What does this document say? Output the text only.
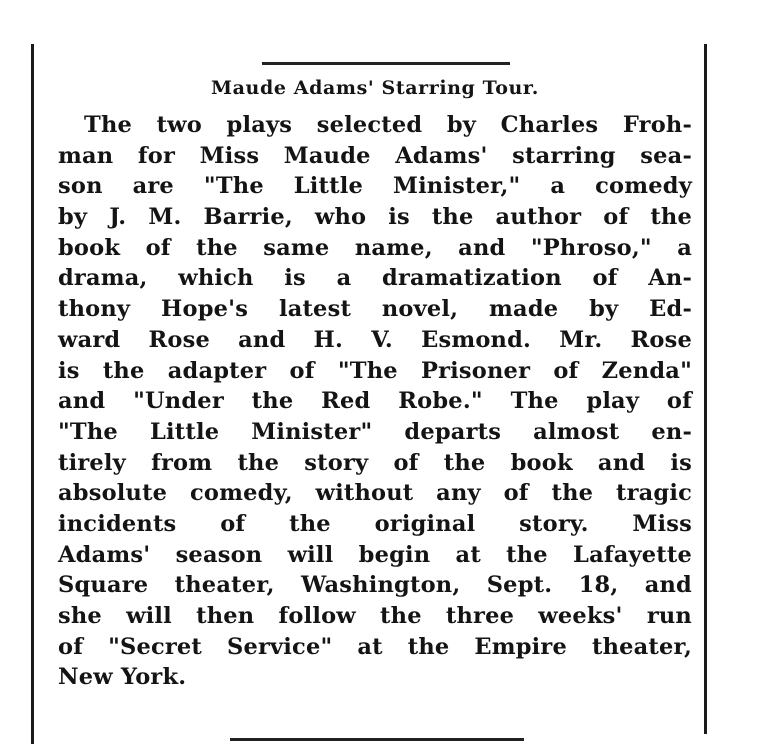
Maude Adams' Starring Tour.
The two plays selected by Charles Froh-
man for Miss Maude Adams' starring sea-
son are "The Little Minister," a comedy
by J. M. Barrie, who is the author of the
book of the same name, and "Phroso," a
drama, which is a dramatization of An-
thony Hope's latest novel, made by Ed-
ward Rose and H. V. Esmond. Mr. Rose
is the adapter of "The Prisoner of Zenda"
and "Under the Red Robe." The play of
"The Little Minister" departs almost en-
tirely from the story of the book and is
absolute comedy, without any of the tragic
incidents of the original story. Miss
Adams' season will begin at the Lafayette
Square theater, Washington, Sept. 18, and
she will then follow the three weeks' run
of "Secret Service" at the Empire theater,
New York.
